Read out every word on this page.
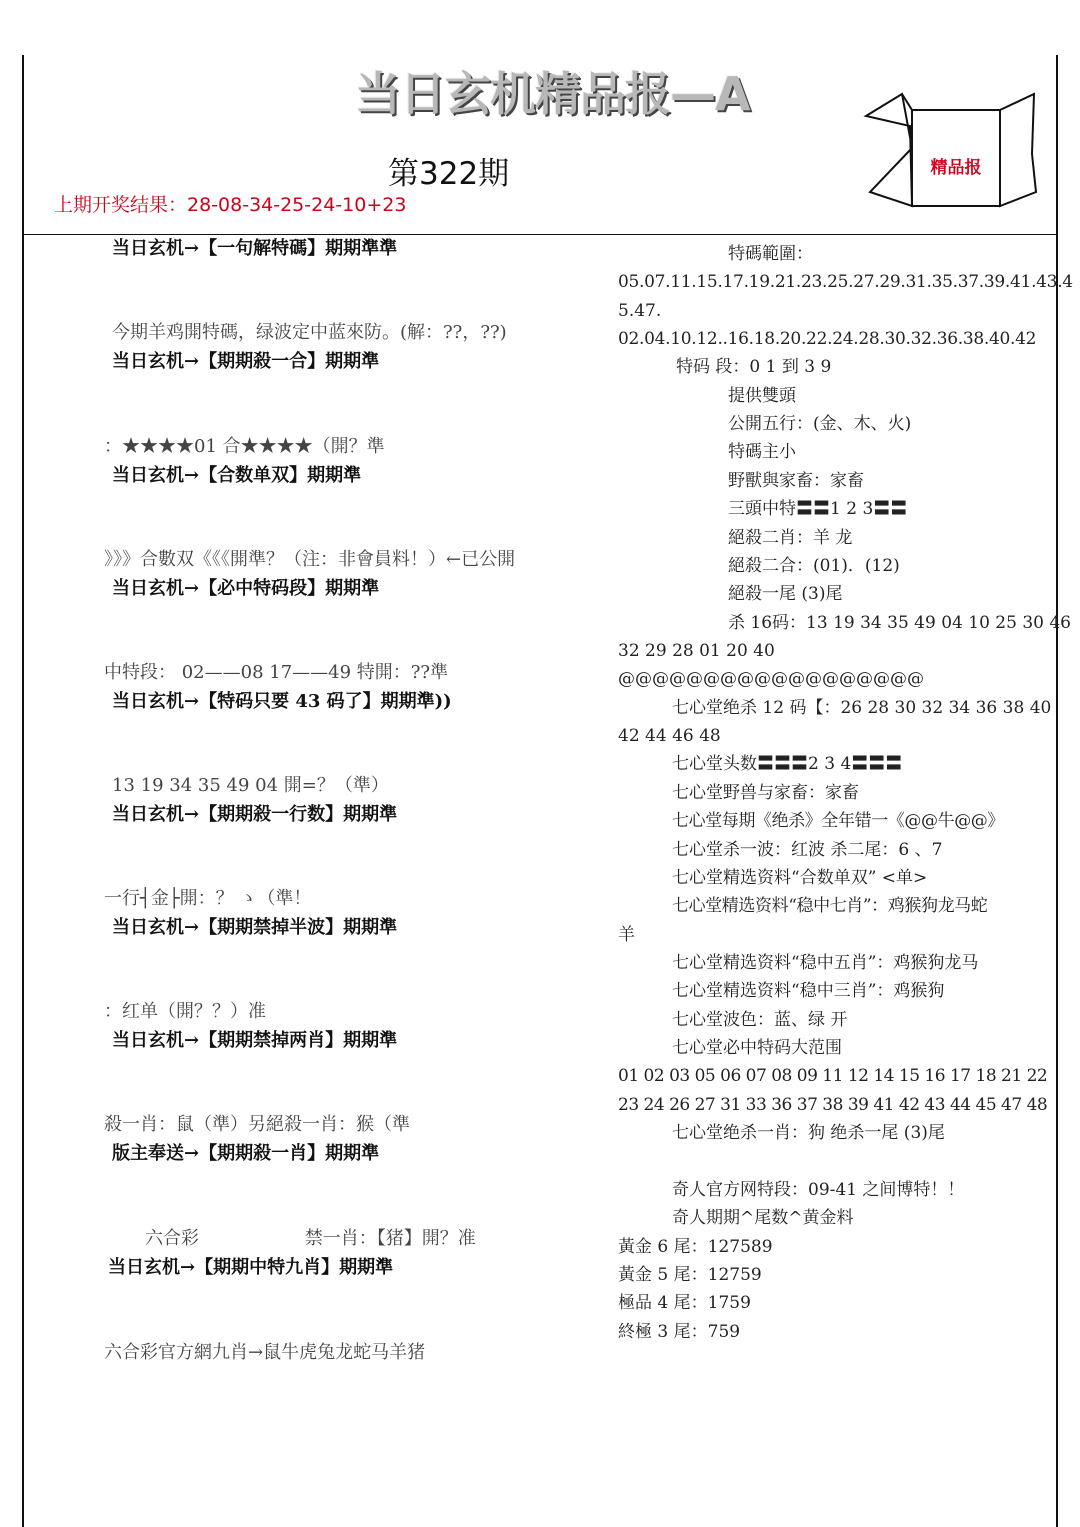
当日玄机精品报—A
精品报
第322期
上期开奖结果：28-08-34-25-24-10+23
当日玄机→【一句解特碼】期期準準
今期羊鸡開特碼，绿波定中蓝來防。(解：??，??)
当日玄机→【期期殺一合】期期準
：★★★★01 合★★★★（開？準
当日玄机→【合数单双】期期準
》》》合數双《《《開準？（注：非會員料！）←已公開
当日玄机→【必中特码段】期期準
中特段： 02——08 17——49 特開：??準
当日玄机→【特码只要 43 码了】期期準))
13 19 34 35 49 04 開=？（準）
当日玄机→【期期殺一行数】期期準
一行┤金├開：？ ゝ（準！
当日玄机→【期期禁掉半波】期期準
：红单（開？？）准
当日玄机→【期期禁掉两肖】期期準
殺一肖：鼠（準）另絕殺一肖：猴（準
版主奉送→【期期殺一肖】期期準
六合彩 禁一肖：【猪】開？准
当日玄机→【期期中特九肖】期期準
六合彩官方網九肖→鼠牛虎兔龙蛇马羊猪
特碼範圍：
05.07.11.15.17.19.21.23.25.27.29.31.35.37.39.41.43.4
5.47.
02.04.10.12..16.18.20.22.24.28.30.32.36.38.40.42
特码 段：0 1 到 3 9
提供雙頭
公開五行：(金、木、火)
特碼主小
野獸與家畜：家畜
三頭中特〓〓1 2 3〓〓
絕殺二肖：羊 龙
絕殺二合：(01)．(12)
絕殺一尾 (3)尾
杀 16码：13 19 34 35 49 04 10 25 30 46
32 29 28 01 20 40
@@@@@@@@@@@@@@@@@@
七心堂绝杀 12 码【：26 28 30 32 34 36 38 40
42 44 46 48
七心堂头数〓〓〓2 3 4〓〓〓
七心堂野兽与家畜：家畜
七心堂每期《绝杀》全年错一《@@牛@@》
七心堂杀一波：红波 杀二尾：6 、7
七心堂精选资料“合数单双” <单>
七心堂精选资料“稳中七肖”：鸡猴狗龙马蛇
羊
七心堂精选资料“稳中五肖”：鸡猴狗龙马
七心堂精选资料“稳中三肖”：鸡猴狗
七心堂波色：蓝、绿 开
七心堂必中特码大范围
01 02 03 05 06 07 08 09 11 12 14 15 16 17 18 21 22
23 24 26 27 31 33 36 37 38 39 41 42 43 44 45 47 48
七心堂绝杀一肖：狗 绝杀一尾 (3)尾
奇人官方网特段：09-41 之间博特！！
奇人期期^尾数^黄金料
黃金 6 尾：127589
黃金 5 尾：12759
極品 4 尾：1759
終極 3 尾：759
